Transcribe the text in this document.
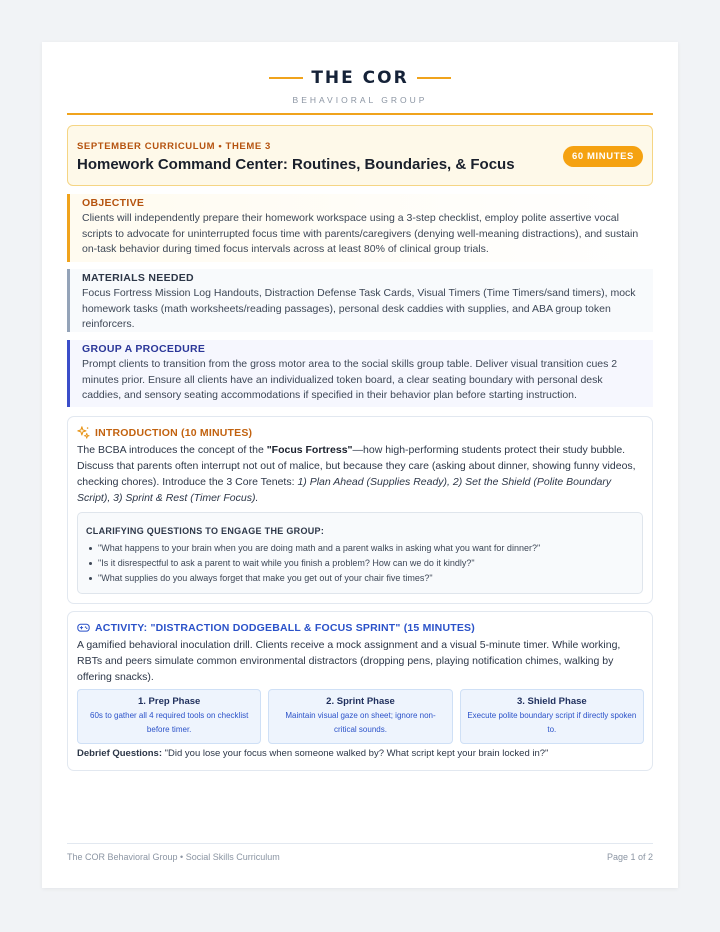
THE COR
BEHAVIORAL GROUP
SEPTEMBER CURRICULUM • THEME 3
Homework Command Center: Routines, Boundaries, & Focus	60 MINUTES
OBJECTIVE
Clients will independently prepare their homework workspace using a 3-step checklist, employ polite assertive vocal scripts to advocate for uninterrupted focus time with parents/caregivers (denying well-meaning distractions), and sustain on-task behavior during timed focus intervals across at least 80% of clinical group trials.
MATERIALS NEEDED
Focus Fortress Mission Log Handouts, Distraction Defense Task Cards, Visual Timers (Time Timers/sand timers), mock homework tasks (math worksheets/reading passages), personal desk caddies with supplies, and ABA group token reinforcers.
GROUP A PROCEDURE
Prompt clients to transition from the gross motor area to the social skills group table. Deliver visual transition cues 2 minutes prior. Ensure all clients have an individualized token board, a clear seating boundary with personal desk caddies, and sensory seating accommodations if specified in their behavior plan before starting instruction.
INTRODUCTION (10 MINUTES)
The BCBA introduces the concept of the "Focus Fortress"—how high-performing students protect their study bubble. Discuss that parents often interrupt not out of malice, but because they care (asking about dinner, showing funny videos, checking chores). Introduce the 3 Core Tenets: 1) Plan Ahead (Supplies Ready), 2) Set the Shield (Polite Boundary Script), 3) Sprint & Rest (Timer Focus).
CLARIFYING QUESTIONS TO ENGAGE THE GROUP:
"What happens to your brain when you are doing math and a parent walks in asking what you want for dinner?"
"Is it disrespectful to ask a parent to wait while you finish a problem? How can we do it kindly?"
"What supplies do you always forget that make you get out of your chair five times?"
ACTIVITY: "DISTRACTION DODGEBALL & FOCUS SPRINT" (15 MINUTES)
A gamified behavioral inoculation drill. Clients receive a mock assignment and a visual 5-minute timer. While working, RBTs and peers simulate common environmental distractors (dropping pens, playing notification chimes, walking by offering snacks).
1. Prep Phase
60s to gather all 4 required tools on checklist before timer.
2. Sprint Phase
Maintain visual gaze on sheet; ignore non-critical sounds.
3. Shield Phase
Execute polite boundary script if directly spoken to.
Debrief Questions: "Did you lose your focus when someone walked by? What script kept your brain locked in?"
The COR Behavioral Group • Social Skills Curriculum	Page 1 of 2
